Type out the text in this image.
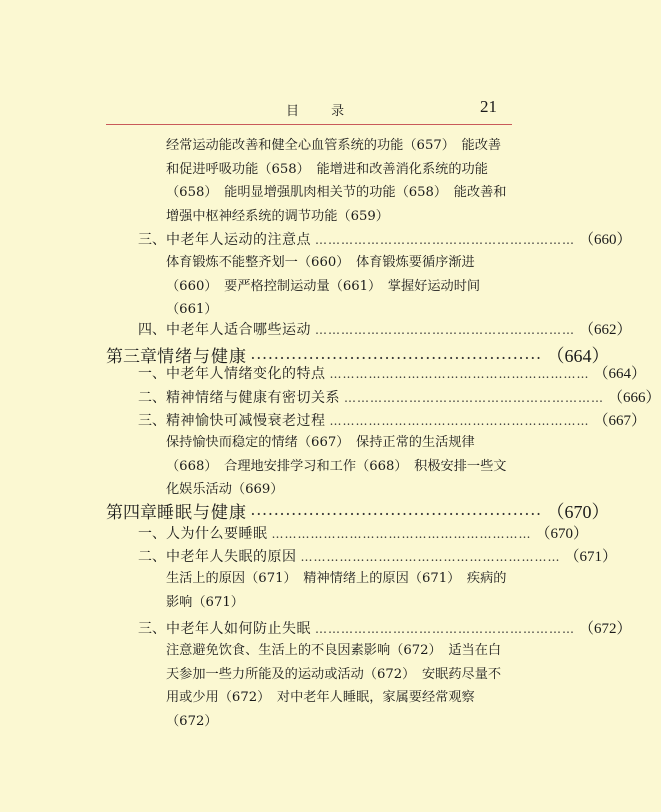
目 录	21
经常运动能改善和健全心血管系统的功能（657）　能改善
和促进呼吸功能（658）　能增进和改善消化系统的功能
（658）　能明显增强肌肉相关节的功能（658）　能改善和
增强中枢神经系统的调节功能（659）
三、 中老年人运动的注意点 …………………………………………………… （660）
体育锻炼不能整齐划一（660）　体育锻炼要循序渐进
（660）　要严格控制运动量（661）　掌握好运动时间
（661）
四、 中老年人适合哪些运动 …………………………………………………… （662）
第三章 情绪与健康 ·················································· （664）
一、 中老年人情绪变化的特点 …………………………………………………… （664）
二、 精神情绪与健康有密切关系 …………………………………………………… （666）
三、 精神愉快可减慢衰老过程 …………………………………………………… （667）
保持愉快而稳定的情绪（667）　保持正常的生活规律
（668）　合理地安排学习和工作（668）　积极安排一些文
化娱乐活动（669）
第四章 睡眠与健康 ·················································· （670）
一、 人为什么要睡眠 …………………………………………………… （670）
二、 中老年人失眠的原因 …………………………………………………… （671）
生活上的原因（671）　精神情绪上的原因（671）　疾病的
影响（671）
三、 中老年人如何防止失眠 …………………………………………………… （672）
注意避免饮食、生活上的不良因素影响（672）　适当在白
天参加一些力所能及的运动或活动（672）　安眠药尽量不
用或少用（672）　对中老年人睡眠，家属要经常观察
（672）
